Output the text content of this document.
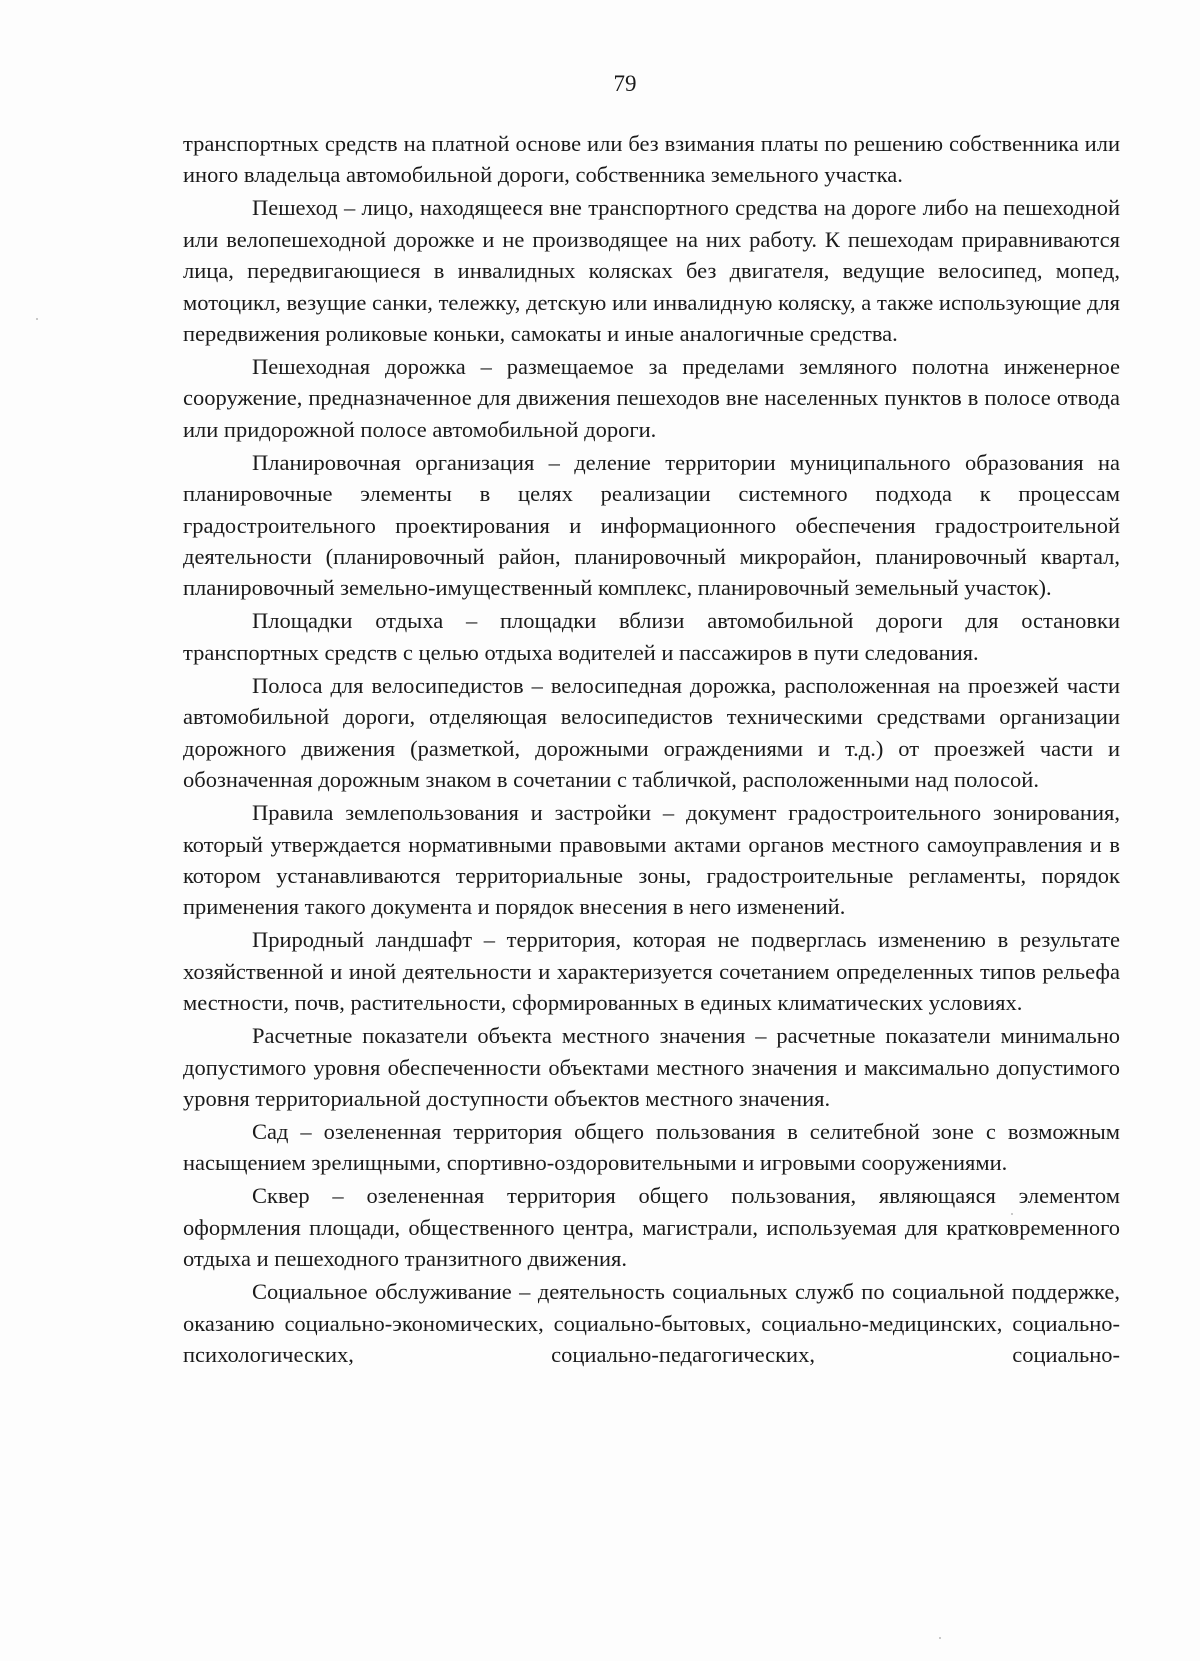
79

транспортных средств на платной основе или без взимания платы по решению собственника или иного владельца автомобильной дороги, собственника земельного участка.

Пешеход – лицо, находящееся вне транспортного средства на дороге либо на пешеходной или велопешеходной дорожке и не производящее на них работу. К пешеходам приравниваются лица, передвигающиеся в инвалидных колясках без двигателя, ведущие велосипед, мопед, мотоцикл, везущие санки, тележку, детскую или инвалидную коляску, а также использующие для передвижения роликовые коньки, самокаты и иные аналогичные средства.

Пешеходная дорожка – размещаемое за пределами земляного полотна инженерное сооружение, предназначенное для движения пешеходов вне населенных пунктов в полосе отвода или придорожной полосе автомобильной дороги.

Планировочная организация – деление территории муниципального образования на планировочные элементы в целях реализации системного подхода к процессам градостроительного проектирования и информационного обеспечения градостроительной деятельности (планировочный район, планировочный микрорайон, планировочный квартал, планировочный земельно-имущественный комплекс, планировочный земельный участок).

Площадки отдыха – площадки вблизи автомобильной дороги для остановки транспортных средств с целью отдыха водителей и пассажиров в пути следования.

Полоса для велосипедистов – велосипедная дорожка, расположенная на проезжей части автомобильной дороги, отделяющая велосипедистов техническими средствами организации дорожного движения (разметкой, дорожными ограждениями и т.д.) от проезжей части и обозначенная дорожным знаком в сочетании с табличкой, расположенными над полосой.

Правила землепользования и застройки – документ градостроительного зонирования, который утверждается нормативными правовыми актами органов местного самоуправления и в котором устанавливаются территориальные зоны, градостроительные регламенты, порядок применения такого документа и порядок внесения в него изменений.

Природный ландшафт – территория, которая не подверглась изменению в результате хозяйственной и иной деятельности и характеризуется сочетанием определенных типов рельефа местности, почв, растительности, сформированных в единых климатических условиях.

Расчетные показатели объекта местного значения – расчетные показатели минимально допустимого уровня обеспеченности объектами местного значения и максимально допустимого уровня территориальной доступности объектов местного значения.

Сад – озелененная территория общего пользования в селитебной зоне с возможным насыщением зрелищными, спортивно-оздоровительными и игровыми сооружениями.

Сквер – озелененная территория общего пользования, являющаяся элементом оформления площади, общественного центра, магистрали, используемая для кратковременного отдыха и пешеходного транзитного движения.

Социальное обслуживание – деятельность социальных служб по социальной поддержке, оказанию социально-экономических, социально-бытовых, социально-медицинских, социально-психологических, социально-педагогических, социально-
